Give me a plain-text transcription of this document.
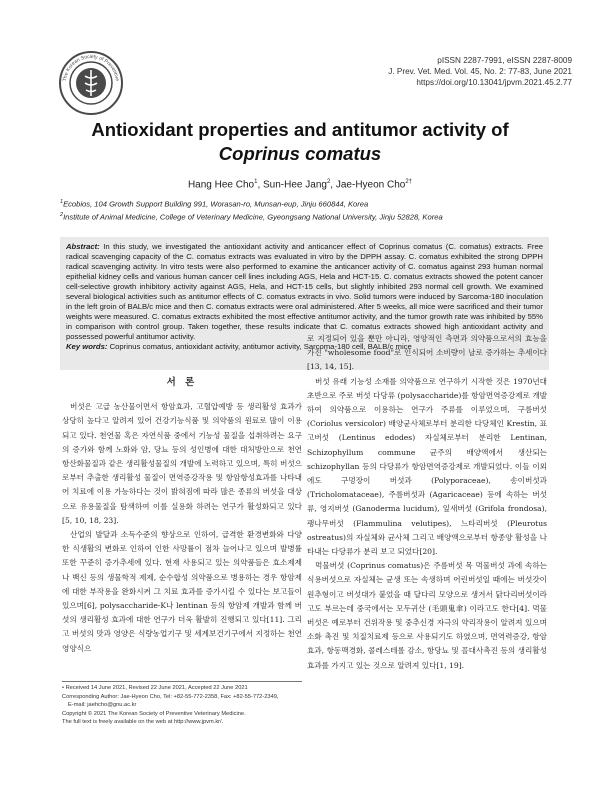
The Korean Society of Preventive
pISSN 2287-7991, eISSN 2287-8009
J. Prev. Vet. Med. Vol. 45, No. 2: 77-83, June 2021
https://doi.org/10.13041/jpvm.2021.45.2.77
Antioxidant properties and antitumor activity of Coprinus comatus
Hang Hee Cho$^1$, Sun-Hee Jang$^2$, Jae-Hyeon Cho$^{2\dagger}$
$^1$Ecobios, 104 Growth Support Building 991, Worasan-ro, Munsan-eup, Jinju 660844, Korea
$^2$Institute of Animal Medicine, College of Veterinary Medicine, Gyeongsang National University, Jinju 52828, Korea

Abstract: In this study, we investigated the antioxidant activity and anticancer effect of Coprinus comatus (C. comatus) extracts. Free radical scavenging capacity of the C. comatus extracts was evaluated in vitro by the DPPH assay. C. comatus exhibited the strong DPPH radical scavenging activity. In vitro tests were also performed to examine the anticancer activity of C. comatus against 293 human normal epithelial kidney cells and various human cancer cell lines including AGS, Hela and HCT-15. C. comatus extracts showed the potent cancer cell-selective growth inhibitory activity against AGS, Hela, and HCT-15 cells, but slightly inhibited 293 normal cell growth. We examined several biological activities such as antitumor effects of C. comatus extracts in vivo. Solid tumors were induced by Sarcoma-180 inoculation in the left groin of BALB/c mice and then C. comatus extracts were oral administered. After 5 weeks, all mice were sacrificed and their tumor weights were measured. C. comatus extracts exhibited the most effective antitumor activity, and the tumor growth rate was inhibited by 55% in comparison with control group. Taken together, these results indicate that C. comatus extracts showed high antioxidant activity and possessed powerful antitumor activity.

Key words: Coprinus comatus, antioxidant activity, antitumor activity, Sarcoma-180 cell, BALB/c mice

서 론

버섯은 고급 농산물이면서 항암효과, 고혈압예방 등 생리활성 효과가 상당히 높다고 알려져 있어 건강기능식품 및 의약품의 원료로 많이 이용되고 있다. 천연물 혹은 자연식품 중에서 기능성 물질을 섭취하려는 요구의 증가와 함께 노화와 암, 당뇨 등의 성인병에 대한 대처방안으로 천연 항산화물질과 같은 생리활성물질의 개발에 노력하고 있으며, 특히 버섯으로부터 추출한 생리활성 물질이 면역증강작용 및 항암항성효과를 나타내어 치료에 이용 가능하다는 것이 밝혀짐에 따라 많은 종류의 버섯을 대상으로 유용물질을 탐색하여 이를 실용화 하려는 연구가 활성화되고 있다[5, 10, 18, 23].

산업의 발달과 소득수준의 향상으로 인하여, 급격한 환경변화와 다양한 식생활의 변화로 인하여 인한 사망률이 점차 늘어나고 있으며 발병률 또한 꾸준히 증가추세에 있다. 현재 사용되고 있는 의약품들은 효소제제나 백신 등의 생물학적 제제, 순수합성 의약품으로 병용하는 경우 항암제에 대한 부작용을 완화시켜 그 치료 효과를 증가시킬 수 있다는 보고들이 있으며[6], polysaccharide-K나 lentinan 등의 항암제 개발과 함께 버섯의 생리활성 효과에 대한 연구가 더욱 활발히 진행되고 있다[11]. 그리고 버섯의 맛과 영양은 식량농업기구 및 세계보건기구에서 지정하는 천연 영양식으

로 지정되어 있을 뿐만 아니라, 영양적인 측면과 의약품으로서의 효능을 가진 "wholesome food"로 인식되어 소비량이 날로 증가하는 추세이다[13, 14, 15].

버섯 유래 기능성 소재를 의약품으로 연구하기 시작한 것은 1970년대 초반으로 주로 버섯 다당류 (polysaccharide)를 항암면역증강제로 개발하여 의약품으로 이용하는 연구가 주류를 이루었으며, 구름버섯 (Coriolus versicolor) 배양균사체로부터 분리한 다당체인 Krestin, 표고버섯 (Lentinus edodes) 자실체로부터 분리한 Lentinan, Schizophyllum commune 균주의 배양액에서 생산되는 schizophyllan 등의 다당류가 항암면역증강제로 개발되었다. 이들 이외에도 구멍장이 버섯과 (Polyporaceae), 송이버섯과 (Tricholomataceae), 주름버섯과 (Agaricaceae) 등에 속하는 버섯류, 영지버섯 (Ganoderma lucidum), 잎새버섯 (Grifola frondosa), 팽나무버섯 (Flammulina velutipes), 느타리버섯 (Pleurotus ostreatus)의 자실체와 균사체 그리고 배양액으로부터 항종양 활성을 나타내는 다당류가 분리 보고 되었다[20].

먹물버섯 (Coprinus comatus)은 주름버섯 목 먹물버섯 과에 속하는 식용버섯으로 자실체는 균생 또는 속생하며 어린버섯일 때에는 버섯갓이 원추형이고 버섯대가 붙었을 때 달다리 모양으로 생겨서 닭다리버섯이라고도 부르는데 중국에서는 모두귀산 (毛頭鬼傘) 이라고도 한다[4]. 먹물버섯은 예로부터 건위작용 및 중추신경 자극의 약리작용이 알려져 있으며 소화 촉진 및 치질치료제 등으로 사용되기도 하였으며, 면역력증강, 항암 효과, 항동맥경화, 콜레스테롤 감소, 항당뇨 및 꼴대사촉진 등의 생리활성 효과를 가지고 있는 것으로 알려져 있다[1, 19].

• Received 14 June 2021, Revised 22 June 2021, Accepted 22 June 2021
Corresponding Author: Jae-Hyeon Cho, Tel: +82-55-772-2358, Fax: +82-55-772-2349,
E-mail: jaehcho@gnu.ac.kr
Copyright © 2021 The Korean Society of Preventive Veterinary Medicine.
The full text is freely available on the web at http://www.jpvm.kr/.
